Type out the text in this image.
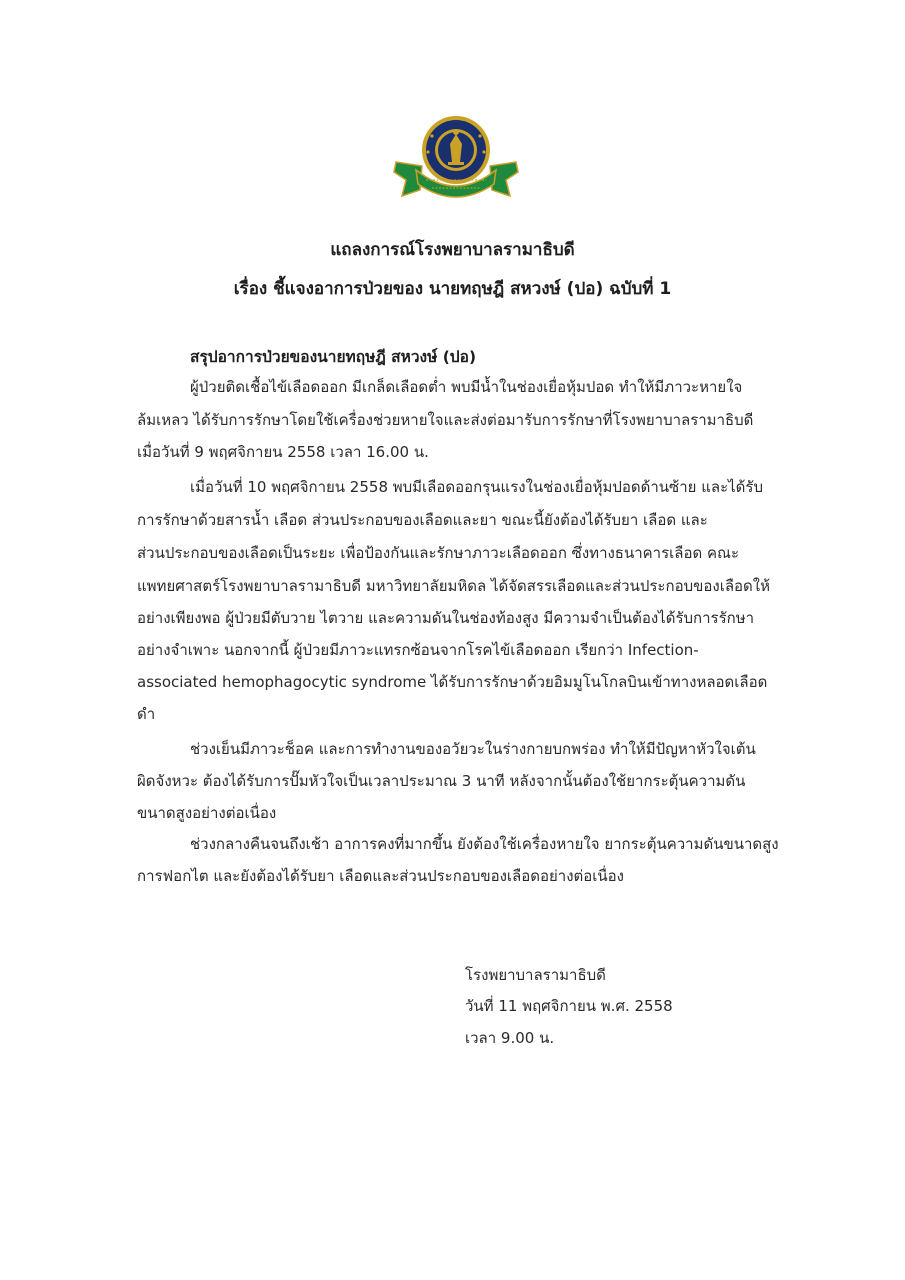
แถลงการณ์โรงพยาบาลรามาธิบดี
เรื่อง ชี้แจงอาการป่วยของ นายทฤษฎี สหวงษ์ (ปอ) ฉบับที่ 1
สรุปอาการป่วยของนายทฤษฎี สหวงษ์ (ปอ)
ผู้ป่วยติดเชื้อไข้เลือดออก มีเกล็ดเลือดต่ำ พบมีน้ำในช่องเยื่อหุ้มปอด ทำให้มีภาวะหายใจ
ล้มเหลว ได้รับการรักษาโดยใช้เครื่องช่วยหายใจและส่งต่อมารับการรักษาที่โรงพยาบาลรามาธิบดี
เมื่อวันที่ 9 พฤศจิกายน 2558 เวลา 16.00 น.
เมื่อวันที่ 10 พฤศจิกายน 2558 พบมีเลือดออกรุนแรงในช่องเยื่อหุ้มปอดด้านซ้าย และได้รับ
การรักษาด้วยสารน้ำ เลือด ส่วนประกอบของเลือดและยา ขณะนี้ยังต้องได้รับยา เลือด และ
ส่วนประกอบของเลือดเป็นระยะ เพื่อป้องกันและรักษาภาวะเลือดออก ซึ่งทางธนาคารเลือด คณะ
แพทยศาสตร์โรงพยาบาลรามาธิบดี มหาวิทยาลัยมหิดล ได้จัดสรรเลือดและส่วนประกอบของเลือดให้
อย่างเพียงพอ ผู้ป่วยมีตับวาย ไตวาย และความดันในช่องท้องสูง มีความจำเป็นต้องได้รับการรักษา
อย่างจำเพาะ นอกจากนี้ ผู้ป่วยมีภาวะแทรกซ้อนจากโรคไข้เลือดออก เรียกว่า Infection-
associated hemophagocytic syndrome ได้รับการรักษาด้วยอิมมูโนโกลบินเข้าทางหลอดเลือด
ดำ
ช่วงเย็นมีภาวะช็อค และการทำงานของอวัยวะในร่างกายบกพร่อง ทำให้มีปัญหาหัวใจเต้น
ผิดจังหวะ ต้องได้รับการปั๊มหัวใจเป็นเวลาประมาณ 3 นาที หลังจากนั้นต้องใช้ยากระตุ้นความดัน
ขนาดสูงอย่างต่อเนื่อง
ช่วงกลางคืนจนถึงเช้า อาการคงที่มากขึ้น ยังต้องใช้เครื่องหายใจ ยากระตุ้นความดันขนาดสูง
การฟอกไต และยังต้องได้รับยา เลือดและส่วนประกอบของเลือดอย่างต่อเนื่อง
โรงพยาบาลรามาธิบดี
วันที่ 11 พฤศจิกายน พ.ศ. 2558
เวลา 9.00 น.
